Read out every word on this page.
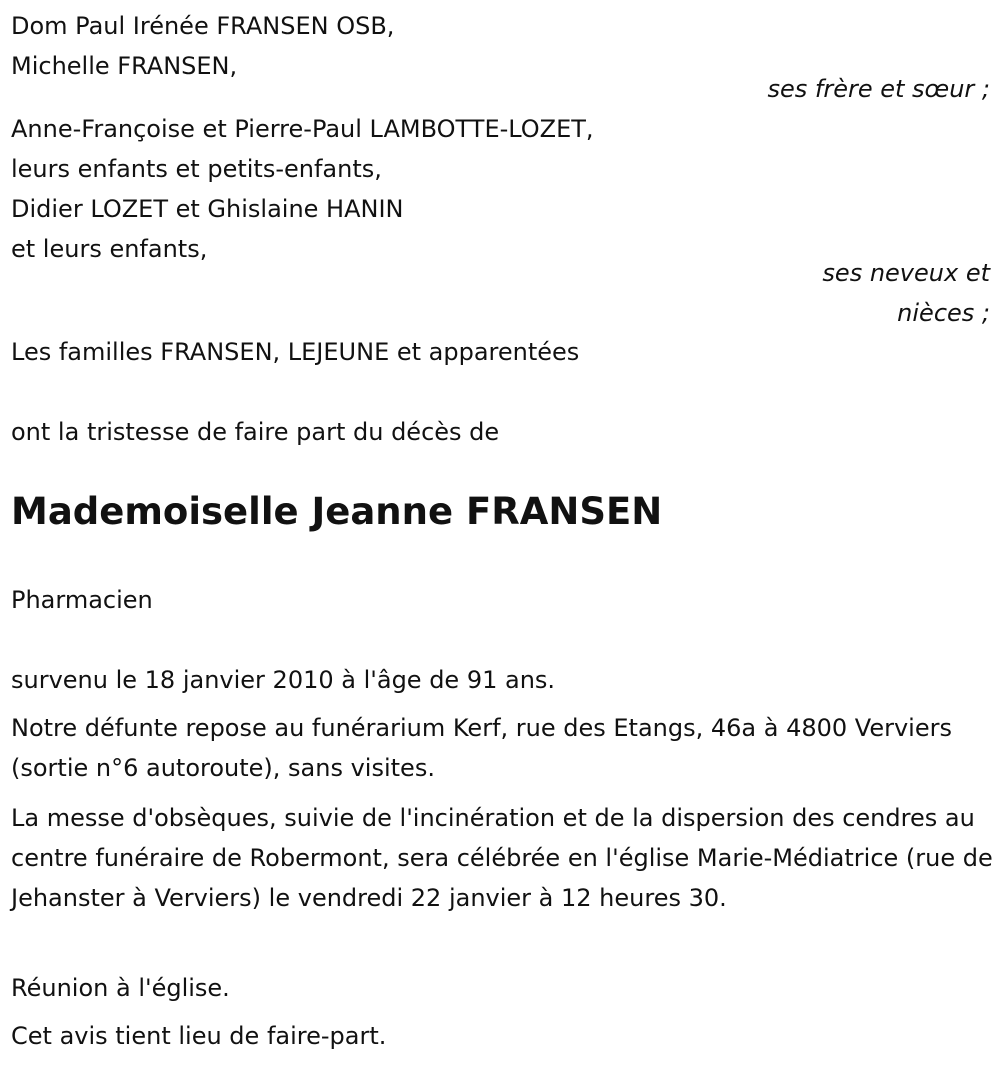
Dom Paul Irénée FRANSEN OSB,
Michelle FRANSEN,
ses frère et sœur ;
Anne-Françoise et Pierre-Paul LAMBOTTE-LOZET,
leurs enfants et petits-enfants,
Didier LOZET et Ghislaine HANIN
et leurs enfants,
ses neveux et
nièces ;
Les familles FRANSEN, LEJEUNE et apparentées
ont la tristesse de faire part du décès de
Mademoiselle Jeanne FRANSEN
Pharmacien
survenu le 18 janvier 2010 à l'âge de 91 ans.
Notre défunte repose au funérarium Kerf, rue des Etangs, 46a à 4800 Verviers (sortie n°6 autoroute), sans visites.
La messe d'obsèques, suivie de l'incinération et de la dispersion des cendres au centre funéraire de Robermont, sera célébrée en l'église Marie-Médiatrice (rue de Jehanster à Verviers) le vendredi 22 janvier à 12 heures 30.
Réunion à l'église.
Cet avis tient lieu de faire-part.
